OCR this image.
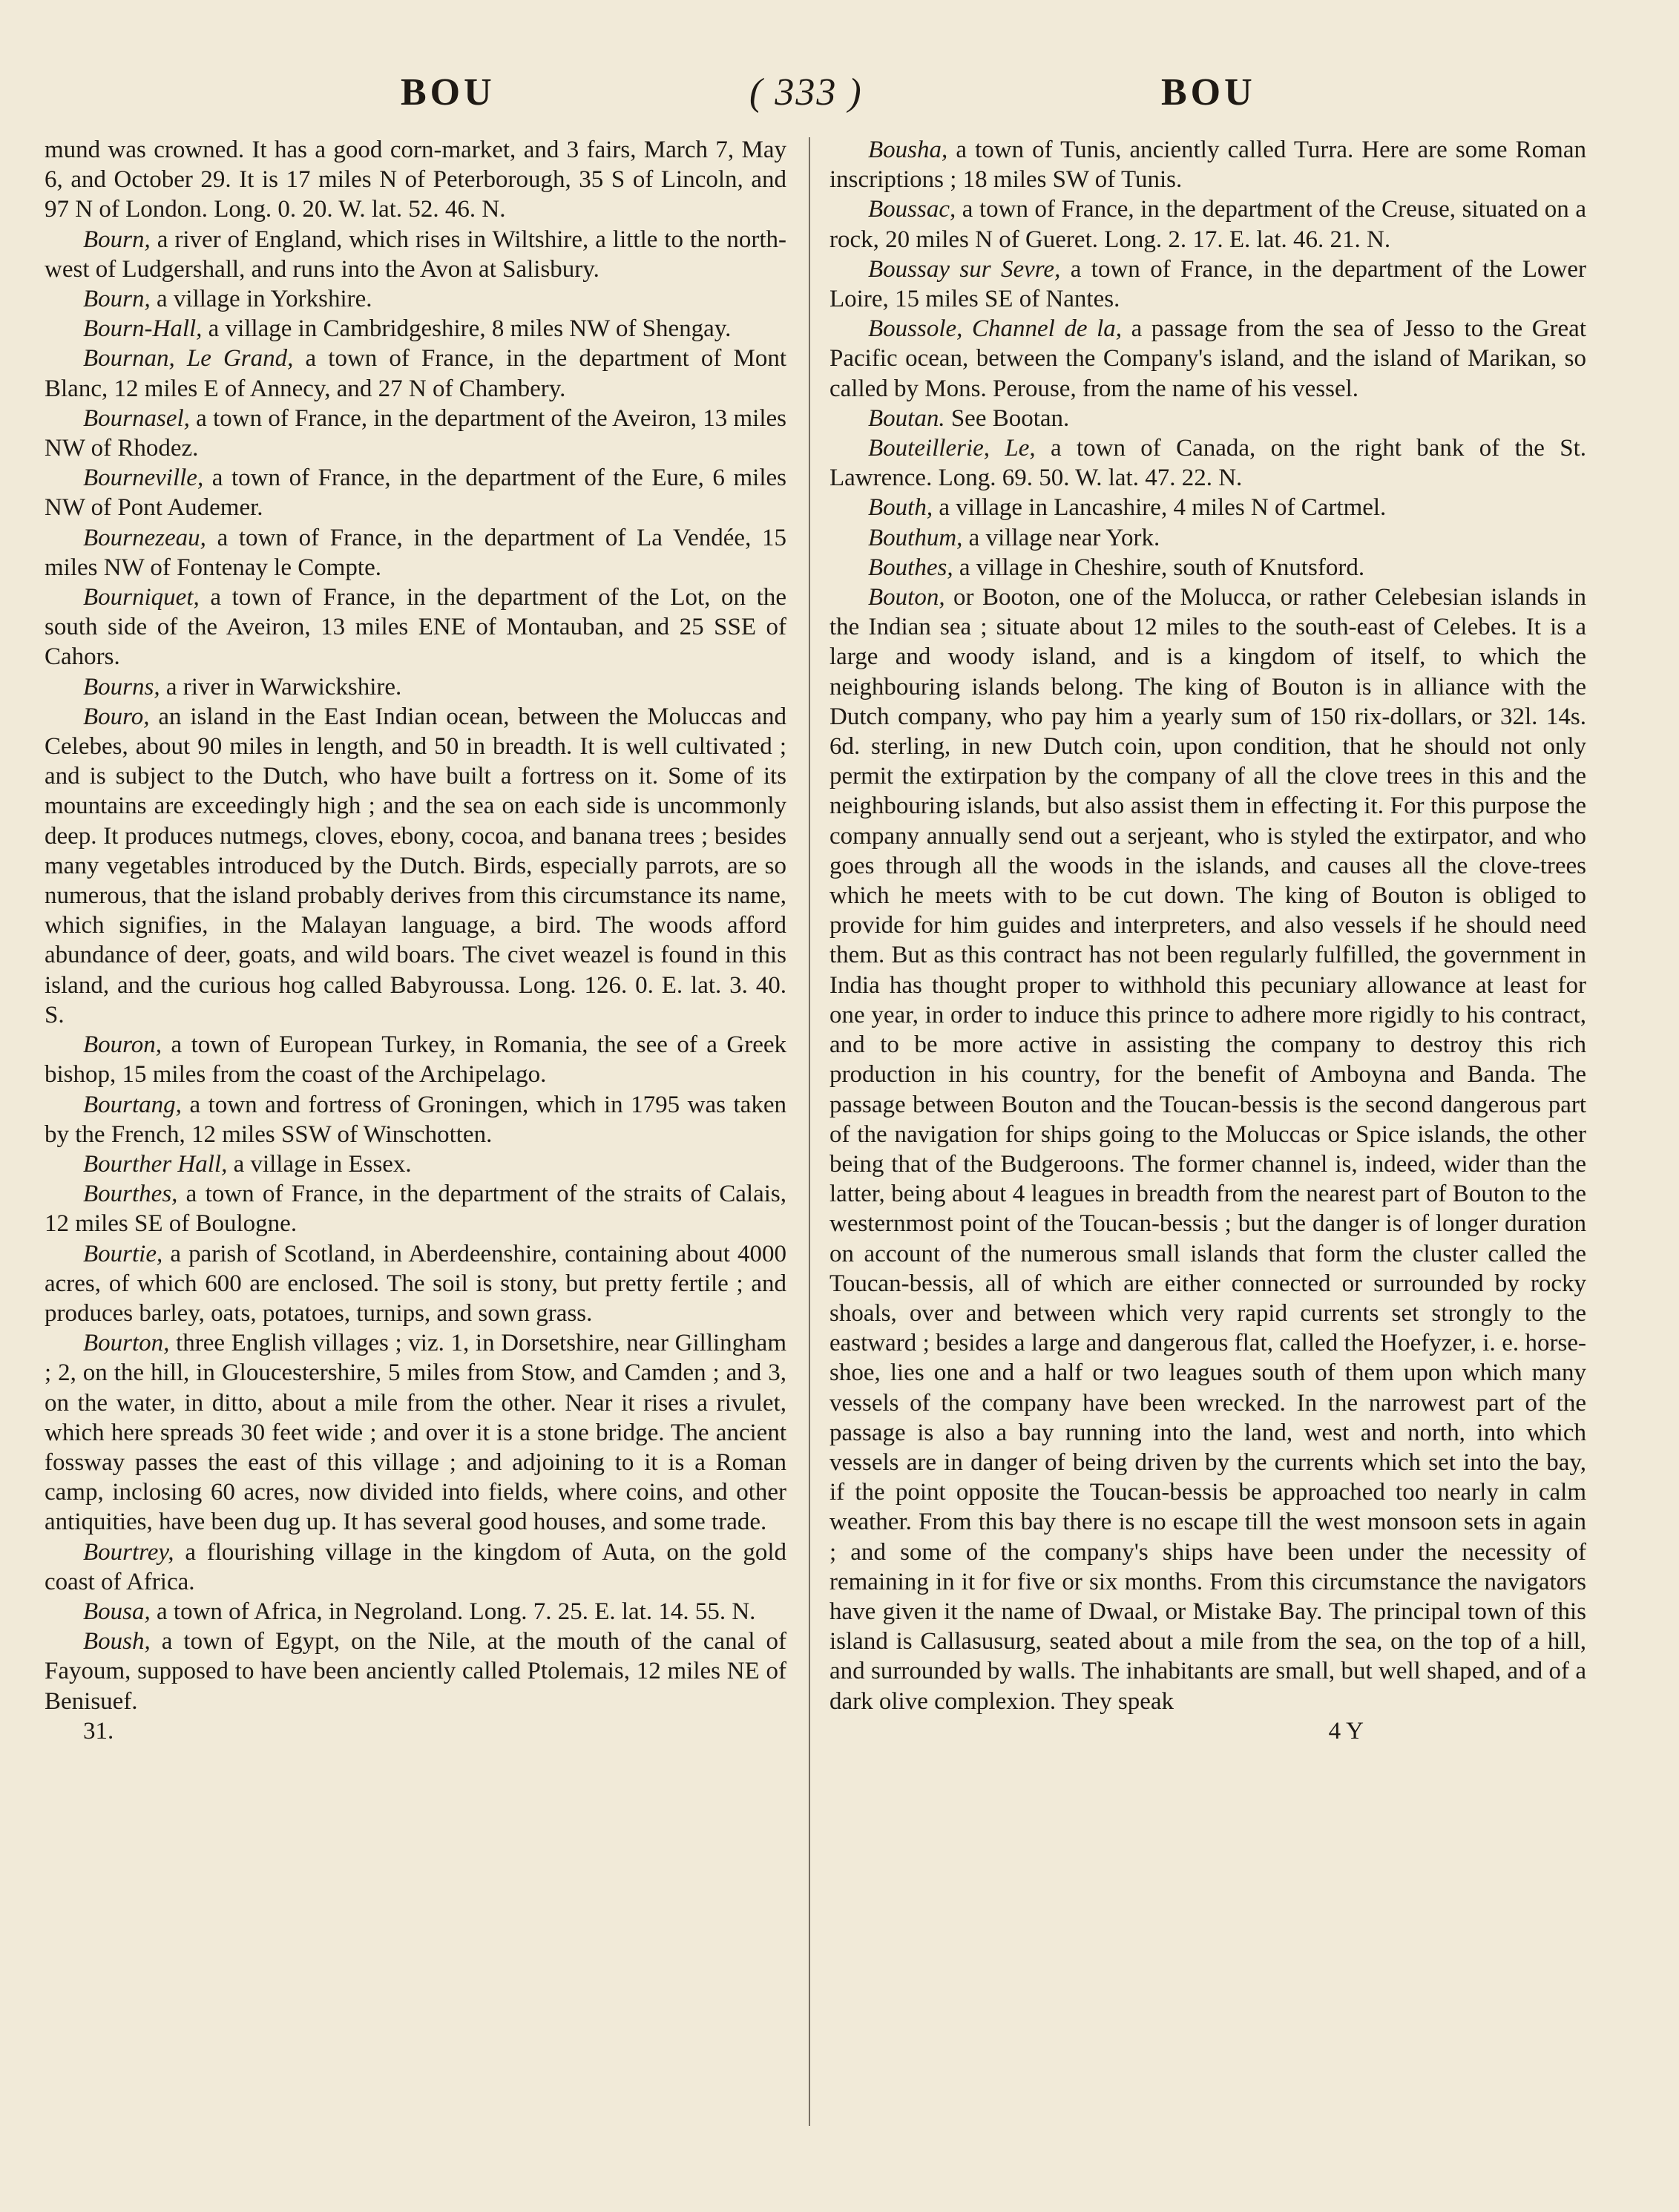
BOU	( 333 )	BOU

mund was crowned. It has a good corn-market, and 3 fairs, March 7, May 6, and October 29. It is 17 miles N of Peterborough, 35 S of Lincoln, and 97 N of London. Long. 0. 20. W. lat. 52. 46. N.

Bourn, a river of England, which rises in Wiltshire, a little to the north-west of Ludgershall, and runs into the Avon at Salisbury.

Bourn, a village in Yorkshire.

Bourn-Hall, a village in Cambridgeshire, 8 miles NW of Shengay.

Bournan, Le Grand, a town of France, in the department of Mont Blanc, 12 miles E of Annecy, and 27 N of Chambery.

Bournasel, a town of France, in the department of the Aveiron, 13 miles NW of Rhodez.

Bourneville, a town of France, in the department of the Eure, 6 miles NW of Pont Audemer.

Bournezeau, a town of France, in the department of La Vendée, 15 miles NW of Fontenay le Compte.

Bourniquet, a town of France, in the department of the Lot, on the south side of the Aveiron, 13 miles ENE of Montauban, and 25 SSE of Cahors.

Bourns, a river in Warwickshire.

Bouro, an island in the East Indian ocean, between the Moluccas and Celebes, about 90 miles in length, and 50 in breadth. It is well cultivated ; and is subject to the Dutch, who have built a fortress on it. Some of its mountains are exceedingly high ; and the sea on each side is uncommonly deep. It produces nutmegs, cloves, ebony, cocoa, and banana trees ; besides many vegetables introduced by the Dutch. Birds, especially parrots, are so numerous, that the island probably derives from this circumstance its name, which signifies, in the Malayan language, a bird. The woods afford abundance of deer, goats, and wild boars. The civet weazel is found in this island, and the curious hog called Babyroussa. Long. 126. 0. E. lat. 3. 40. S.

Bouron, a town of European Turkey, in Romania, the see of a Greek bishop, 15 miles from the coast of the Archipelago.

Bourtang, a town and fortress of Groningen, which in 1795 was taken by the French, 12 miles SSW of Winschotten.

Bourther Hall, a village in Essex.

Bourthes, a town of France, in the department of the straits of Calais, 12 miles SE of Boulogne.

Bourtie, a parish of Scotland, in Aberdeenshire, containing about 4000 acres, of which 600 are enclosed. The soil is stony, but pretty fertile ; and produces barley, oats, potatoes, turnips, and sown grass.

Bourton, three English villages ; viz. 1, in Dorsetshire, near Gillingham ; 2, on the hill, in Gloucestershire, 5 miles from Stow, and Camden ; and 3, on the water, in ditto, about a mile from the other. Near it rises a rivulet, which here spreads 30 feet wide ; and over it is a stone bridge. The ancient fossway passes the east of this village ; and adjoining to it is a Roman camp, inclosing 60 acres, now divided into fields, where coins, and other antiquities, have been dug up. It has several good houses, and some trade.

Bourtrey, a flourishing village in the kingdom of Auta, on the gold coast of Africa.

Bousa, a town of Africa, in Negroland. Long. 7. 25. E. lat. 14. 55. N.

Boush, a town of Egypt, on the Nile, at the mouth of the canal of Fayoum, supposed to have been anciently called Ptolemais, 12 miles NE of Benisuef.

31.

Bousha, a town of Tunis, anciently called Turra. Here are some Roman inscriptions ; 18 miles SW of Tunis.

Boussac, a town of France, in the department of the Creuse, situated on a rock, 20 miles N of Gueret. Long. 2. 17. E. lat. 46. 21. N.

Boussay sur Sevre, a town of France, in the department of the Lower Loire, 15 miles SE of Nantes.

Boussole, Channel de la, a passage from the sea of Jesso to the Great Pacific ocean, between the Company's island, and the island of Marikan, so called by Mons. Perouse, from the name of his vessel.

Boutan. See Bootan.

Bouteillerie, Le, a town of Canada, on the right bank of the St. Lawrence. Long. 69. 50. W. lat. 47. 22. N.

Bouth, a village in Lancashire, 4 miles N of Cartmel.

Bouthum, a village near York.

Bouthes, a village in Cheshire, south of Knutsford.

Bouton, or Booton, one of the Molucca, or rather Celebesian islands in the Indian sea ; situate about 12 miles to the south-east of Celebes. It is a large and woody island, and is a kingdom of itself, to which the neighbouring islands belong. The king of Bouton is in alliance with the Dutch company, who pay him a yearly sum of 150 rix-dollars, or 32l. 14s. 6d. sterling, in new Dutch coin, upon condition, that he should not only permit the extirpation by the company of all the clove trees in this and the neighbouring islands, but also assist them in effecting it. For this purpose the company annually send out a serjeant, who is styled the extirpator, and who goes through all the woods in the islands, and causes all the clove-trees which he meets with to be cut down. The king of Bouton is obliged to provide for him guides and interpreters, and also vessels if he should need them. But as this contract has not been regularly fulfilled, the government in India has thought proper to withhold this pecuniary allowance at least for one year, in order to induce this prince to adhere more rigidly to his contract, and to be more active in assisting the company to destroy this rich production in his country, for the benefit of Amboyna and Banda. The passage between Bouton and the Toucan-bessis is the second dangerous part of the navigation for ships going to the Moluccas or Spice islands, the other being that of the Budgeroons. The former channel is, indeed, wider than the latter, being about 4 leagues in breadth from the nearest part of Bouton to the westernmost point of the Toucan-bessis ; but the danger is of longer duration on account of the numerous small islands that form the cluster called the Toucan-bessis, all of which are either connected or surrounded by rocky shoals, over and between which very rapid currents set strongly to the eastward ; besides a large and dangerous flat, called the Hoefyzer, i. e. horse-shoe, lies one and a half or two leagues south of them upon which many vessels of the company have been wrecked. In the narrowest part of the passage is also a bay running into the land, west and north, into which vessels are in danger of being driven by the currents which set into the bay, if the point opposite the Toucan-bessis be approached too nearly in calm weather. From this bay there is no escape till the west monsoon sets in again ; and some of the company's ships have been under the necessity of remaining in it for five or six months. From this circumstance the navigators have given it the name of Dwaal, or Mistake Bay. The principal town of this island is Callasusurg, seated about a mile from the sea, on the top of a hill, and surrounded by walls. The inhabitants are small, but well shaped, and of a dark olive complexion. They speak

4 Y
